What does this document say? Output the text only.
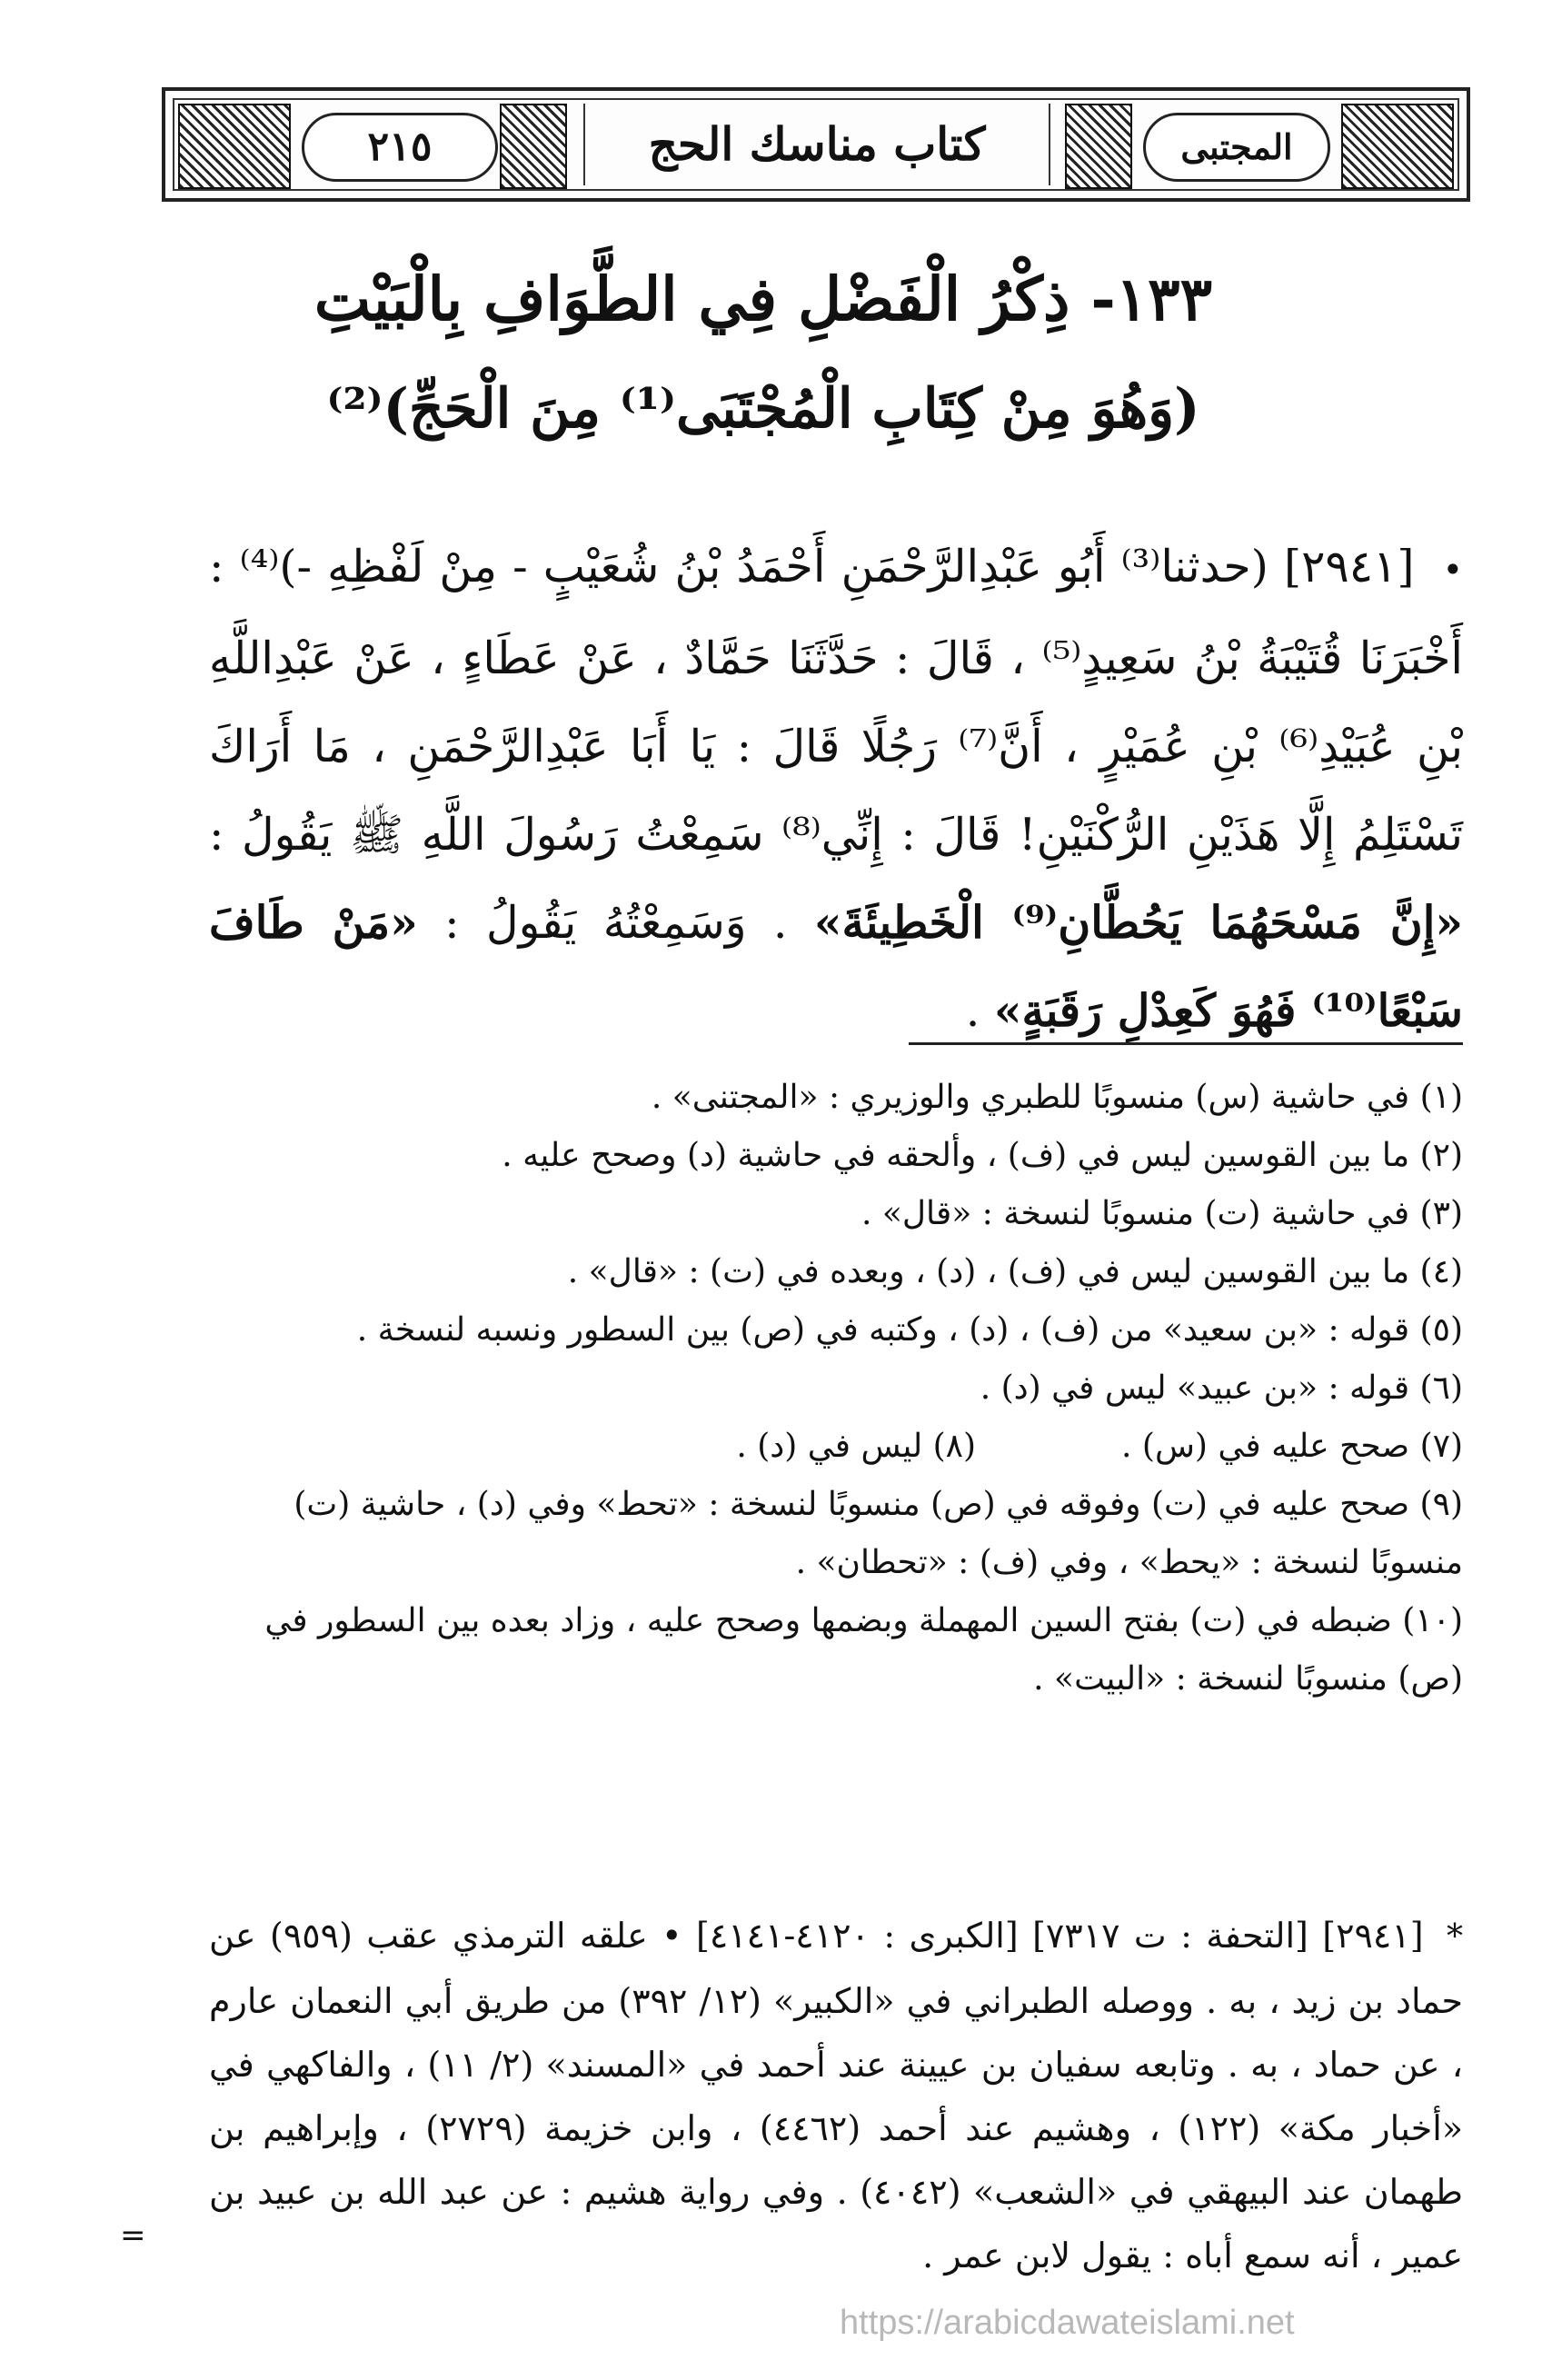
٢١٥	كتاب مناسك الحج	المجتبى
١٣٣- ذِكْرُ الْفَضْلِ فِي الطَّوَافِ بِالْبَيْتِ
(وَهُوَ مِنْ كِتَابِ الْمُجْتَبَى⁽¹⁾ مِنَ الْحَجِّ)⁽²⁾
• [٢٩٤١] (حدثنا⁽³⁾ أَبُو عَبْدِالرَّحْمَنِ أَحْمَدُ بْنُ شُعَيْبٍ - مِنْ لَفْظِهِ -)⁽⁴⁾ : أَخْبَرَنَا قُتَيْبَةُ بْنُ سَعِيدٍ⁽⁵⁾ ، قَالَ : حَدَّثَنَا حَمَّادٌ ، عَنْ عَطَاءٍ ، عَنْ عَبْدِاللَّهِ بْنِ عُبَيْدِ⁽⁶⁾ بْنِ عُمَيْرٍ ، أَنَّ⁽⁷⁾ رَجُلًا قَالَ : يَا أَبَا عَبْدِالرَّحْمَنِ ، مَا أَرَاكَ تَسْتَلِمُ إِلَّا هَذَيْنِ الرُّكْنَيْنِ! قَالَ : إِنِّي⁽⁸⁾ سَمِعْتُ رَسُولَ اللَّهِ ﷺ يَقُولُ : «إِنَّ مَسْحَهُمَا يَحُطَّانِ⁽⁹⁾ الْخَطِيئَةَ» . وَسَمِعْتُهُ يَقُولُ : «مَنْ طَافَ سَبْعًا⁽¹⁰⁾ فَهُوَ كَعِدْلِ رَقَبَةٍ» .
(١) في حاشية (س) منسوبًا للطبري والوزيري : «المجتنى» .
(٢) ما بين القوسين ليس في (ف) ، وألحقه في حاشية (د) وصحح عليه .
(٣) في حاشية (ت) منسوبًا لنسخة : «قال» .
(٤) ما بين القوسين ليس في (ف) ، (د) ، وبعده في (ت) : «قال» .
(٥) قوله : «بن سعيد» من (ف) ، (د) ، وكتبه في (ص) بين السطور ونسبه لنسخة .
(٦) قوله : «بن عبيد» ليس في (د) .
(٧) صحح عليه في (س) .
(٨) ليس في (د) .
(٩) صحح عليه في (ت) وفوقه في (ص) منسوبًا لنسخة : «تحط» وفي (د) ، حاشية (ت) منسوبًا لنسخة : «يحط» ، وفي (ف) : «تحطان» .
(١٠) ضبطه في (ت) بفتح السين المهملة وبضمها وصحح عليه ، وزاد بعده بين السطور في (ص) منسوبًا لنسخة : «البيت» .
* [٢٩٤١] [التحفة : ت ٧٣١٧] [الكبرى : ٤١٢٠-٤١٤١] • علقه الترمذي عقب (٩٥٩) عن حماد بن زيد ، به . ووصله الطبراني في «الكبير» (١٢/ ٣٩٢) من طريق أبي النعمان عارم ، عن حماد ، به . وتابعه سفيان بن عيينة عند أحمد في «المسند» (٢/ ١١) ، والفاكهي في «أخبار مكة» (١٢٢) ، وهشيم عند أحمد (٤٤٦٢) ، وابن خزيمة (٢٧٢٩) ، وإبراهيم بن طهمان عند البيهقي في «الشعب» (٤٠٤٢) . وفي رواية هشيم : عن عبد الله بن عبيد بن عمير ، أنه سمع أباه : يقول لابن عمر .
=
https://arabicdawateislami.net
